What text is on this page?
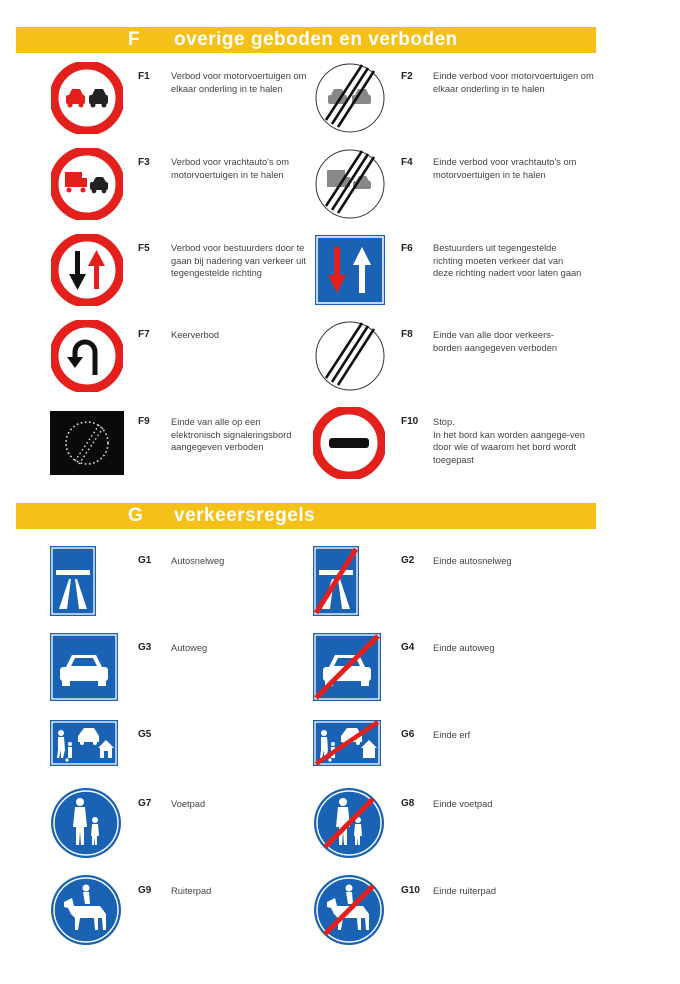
F overige geboden en verboden
F1 Verbod voor motorvoertuigen om elkaar onderling in te halen
F2 Einde verbod voor motorvoertuigen om elkaar onderling in te halen
F3 Verbod voor vrachtauto's om motorvoertuigen in te halen
F4 Einde verbod voor vrachtauto's om motorvoertuigen in te halen
F5 Verbod voor bestuurders door te gaan bij nadering van verkeer uit tegengestelde richting
F6 Bestuurders uit tegengestelde richting moeten verkeer dat van deze richting nadert voor laten gaan
F7 Keerverbod	F8 Einde van alle door verkeers-borden aangegeven verboden
F9 Einde van alle op een elektronisch signaleringsbord aangegeven verboden
F10 Stop.
In het bord kan worden aangege-ven door wie of waarom het bord wordt toegepast
G verkeersregels
G1 Autosnelweg	G2 Einde autosnelweg
G3 Autoweg	G4 Einde autoweg
G5	G6 Einde erf
G7 Voetpad	G8 Einde voetpad
G9 Ruiterpad	G10 Einde ruiterpad
